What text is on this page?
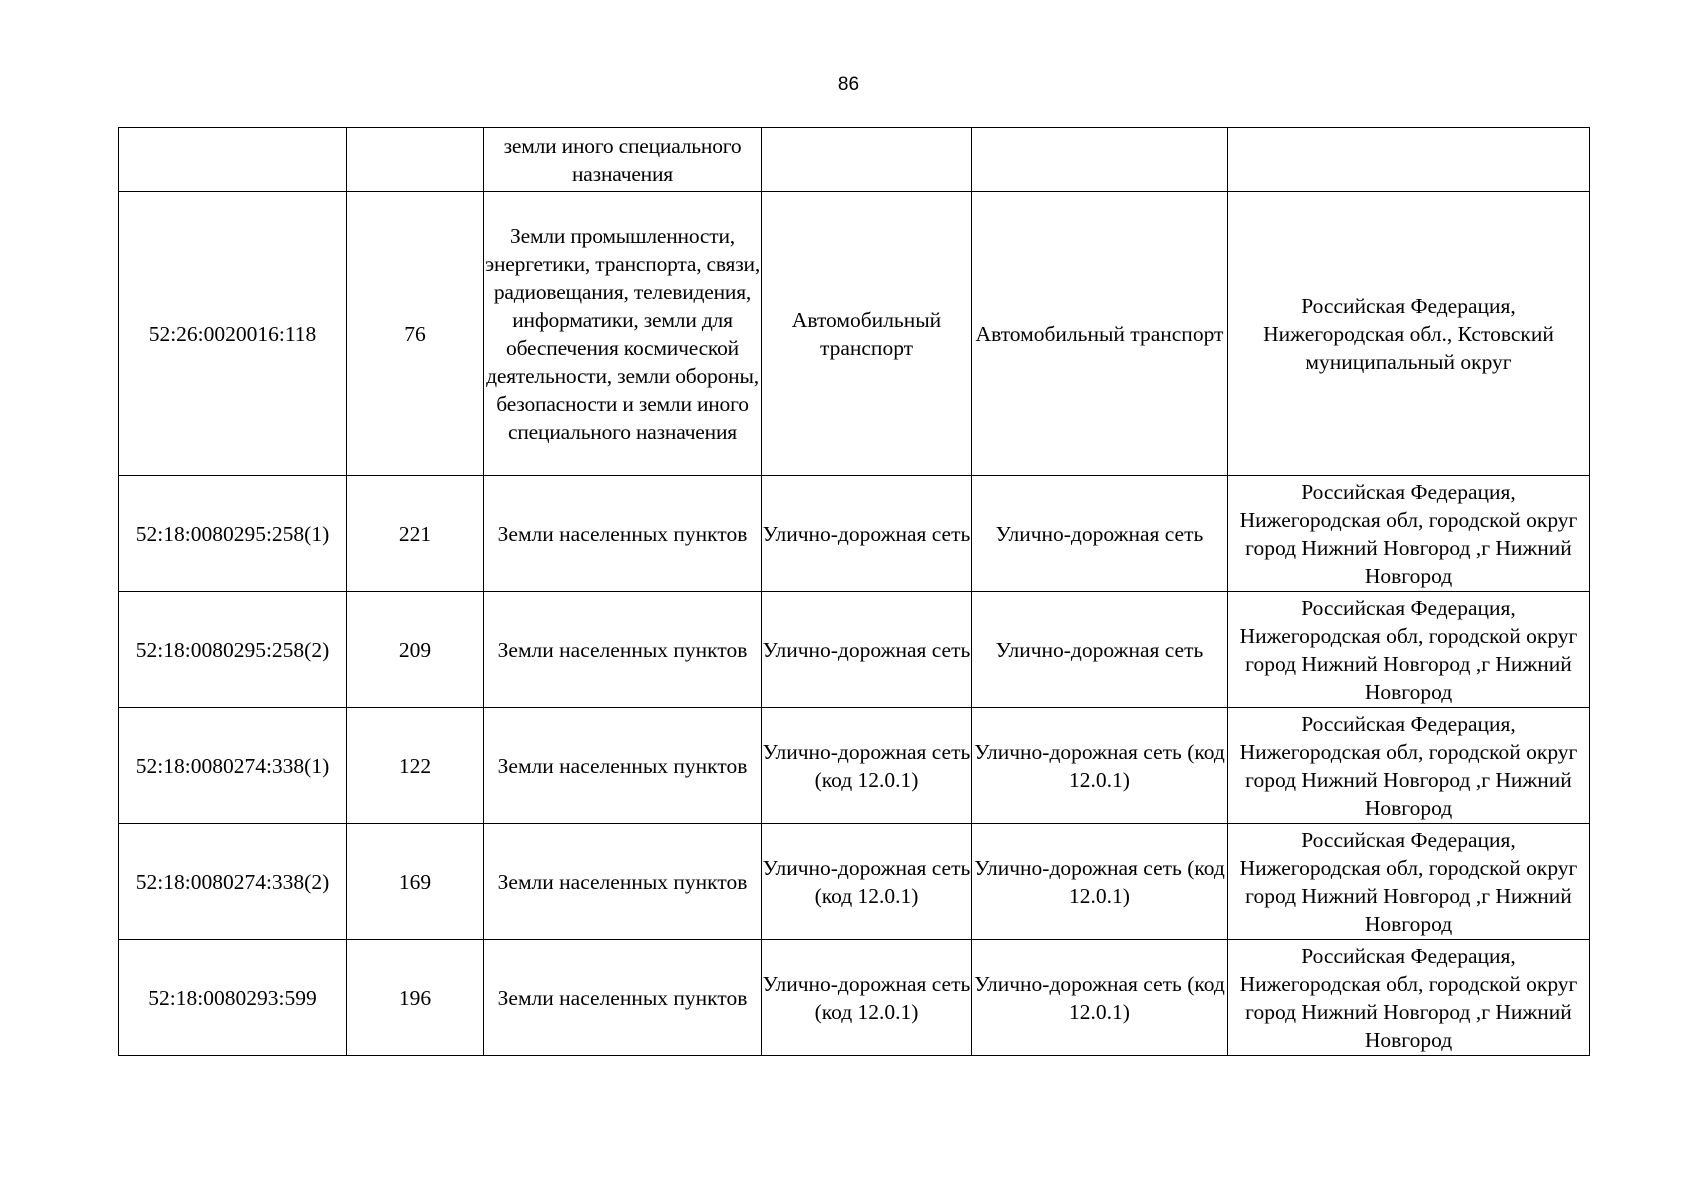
86
		земли иного специального назначения			
52:26:0020016:118	76	Земли промышленности, энергетики, транспорта, связи, радиовещания, телевидения, информатики, земли для обеспечения космической деятельности, земли обороны, безопасности и земли иного специального назначения	Автомобильный транспорт	Автомобильный транспорт	Российская Федерация, Нижегородская обл., Кстовский муниципальный округ
52:18:0080295:258(1)	221	Земли населенных пунктов	Улично-дорожная сеть	Улично-дорожная сеть	Российская Федерация, Нижегородская обл, городской округ город Нижний Новгород ,г Нижний Новгород
52:18:0080295:258(2)	209	Земли населенных пунктов	Улично-дорожная сеть	Улично-дорожная сеть	Российская Федерация, Нижегородская обл, городской округ город Нижний Новгород ,г Нижний Новгород
52:18:0080274:338(1)	122	Земли населенных пунктов	Улично-дорожная сеть (код 12.0.1)	Улично-дорожная сеть (код 12.0.1)	Российская Федерация, Нижегородская обл, городской округ город Нижний Новгород ,г Нижний Новгород
52:18:0080274:338(2)	169	Земли населенных пунктов	Улично-дорожная сеть (код 12.0.1)	Улично-дорожная сеть (код 12.0.1)	Российская Федерация, Нижегородская обл, городской округ город Нижний Новгород ,г Нижний Новгород
52:18:0080293:599	196	Земли населенных пунктов	Улично-дорожная сеть (код 12.0.1)	Улично-дорожная сеть (код 12.0.1)	Российская Федерация, Нижегородская обл, городской округ город Нижний Новгород ,г Нижний Новгород
